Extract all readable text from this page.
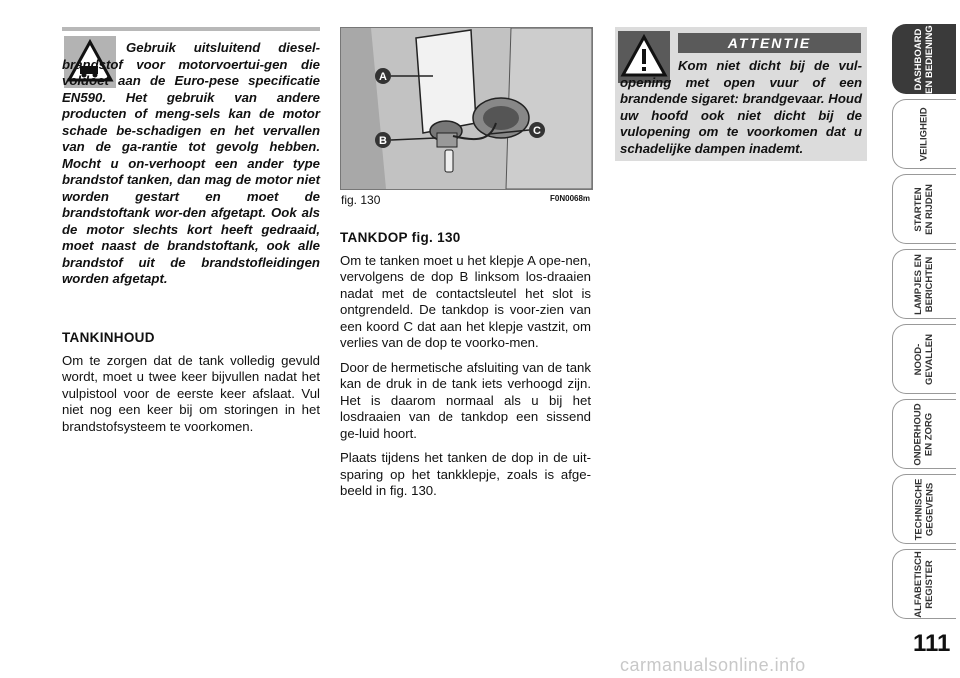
Gebruik uitsluitend diesel-brandstof voor motorvoertui-gen die voldoet aan de Euro-pese specificatie EN590. Het gebruik van andere producten of meng-sels kan de motor schade be-schadigen en het vervallen van de ga-rantie tot gevolg hebben. Mocht u on-verhoopt een ander type brandstof tanken, dan mag de motor niet worden gestart en moet de brandstoftank wor-den afgetapt. Ook als de motor slechts kort heeft gedraaid, moet naast de brandstoftank, ook alle brandstof uit de brandstofleidingen worden afgetapt.
TANKINHOUD

Om te zorgen dat de tank volledig gevuld wordt, moet u twee keer bijvullen nadat het vulpistool voor de eerste keer afslaat. Vul niet nog een keer bij om storingen in het brandstofsysteem te voorkomen.

A
B
C
fig. 130	F0N0068m
TANKDOP fig. 130

Om te tanken moet u het klepje A ope-nen, vervolgens de dop B linksom los-draaien nadat met de contactsleutel het slot is ontgrendeld. De tankdop is voor-zien van een koord C dat aan het klepje vastzit, om verlies van de dop te voorko-men.

Door de hermetische afsluiting van de tank kan de druk in de tank iets verhoogd zijn. Het is daarom normaal als u bij het losdraaien van de tankdop een sissend ge-luid hoort.

Plaats tijdens het tanken de dop in de uit-sparing op het tankklepje, zoals is afge-beeld in fig. 130.

ATTENTIE
Kom niet dicht bij de vul-opening met open vuur of een brandende sigaret: brandgevaar. Houd uw hoofd ook niet dicht bij de vulopening om te voorkomen dat u schadelijke dampen inademt.
DASHBOARD
EN BEDIENING
VEILIGHEID
STARTEN
EN RIJDEN
LAMPJES EN
BERICHTEN
NOOD-
GEVALLEN
ONDERHOUD
EN ZORG
TECHNISCHE
GEGEVENS
ALFABETISCH
REGISTER
111
carmanualsonline.info
